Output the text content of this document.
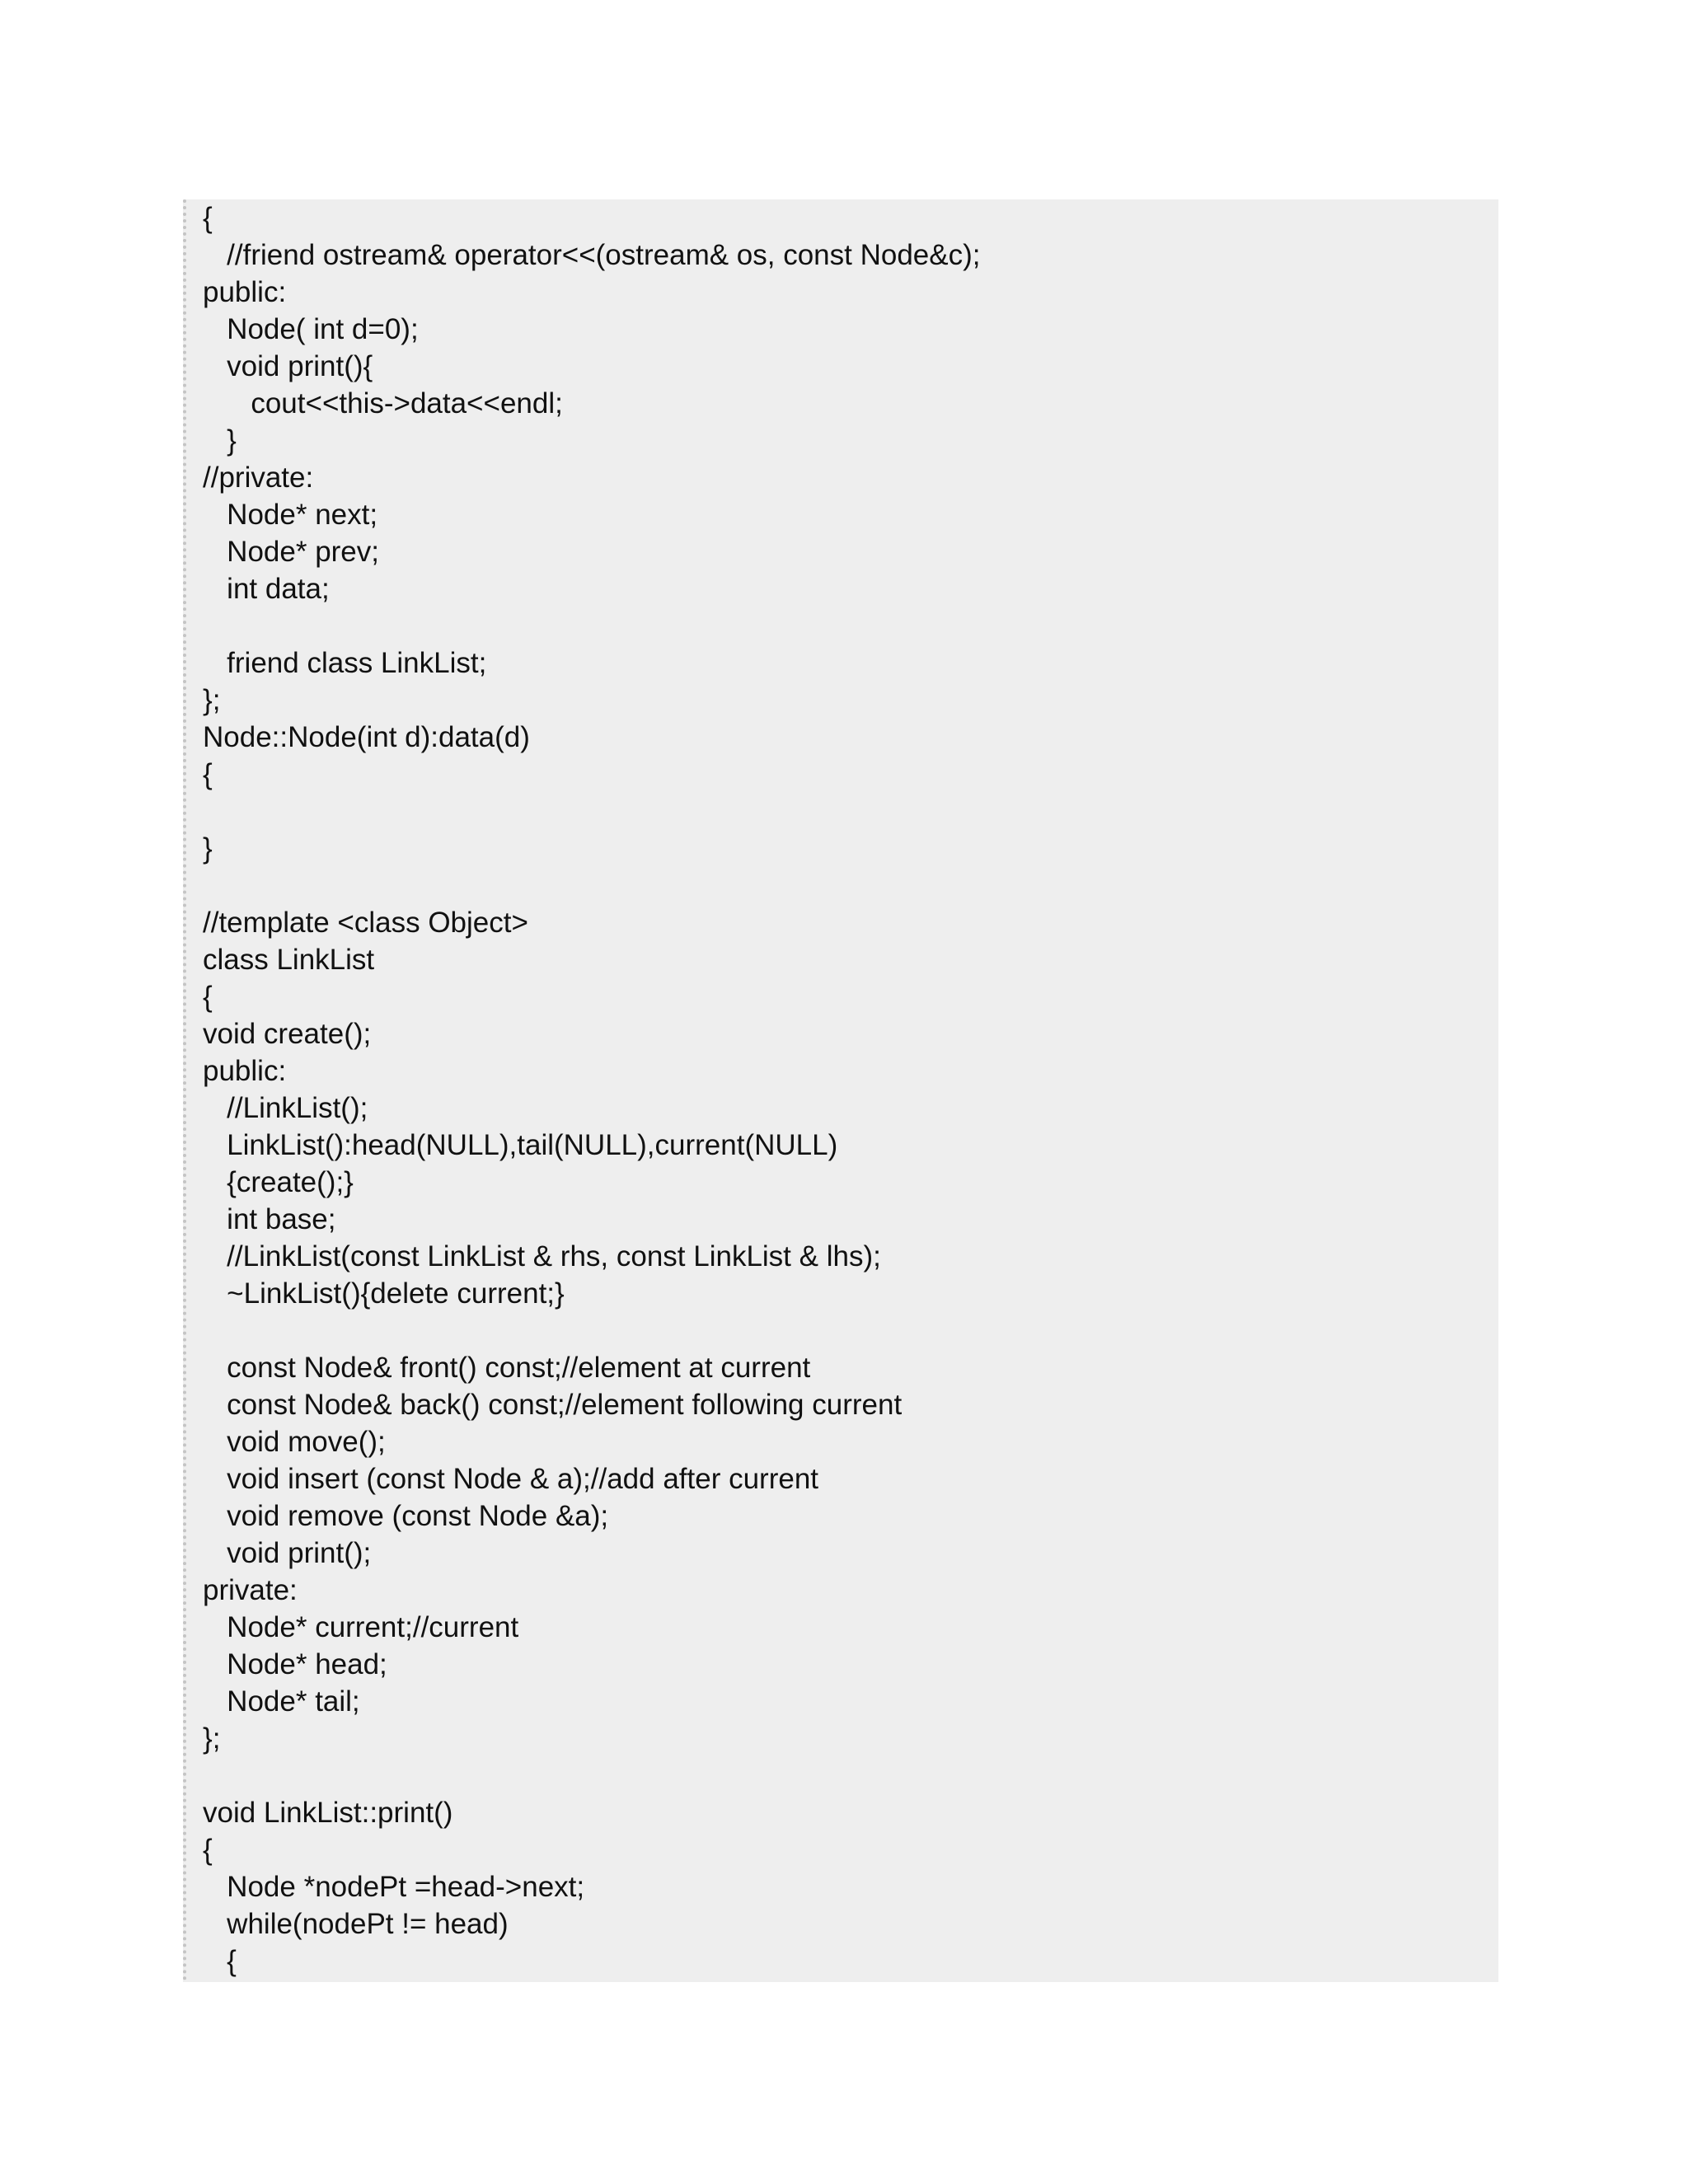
{
//friend ostream& operator<<(ostream& os, const Node&c);
public:
Node( int d=0);
void print(){
cout<<this->data<<endl;
}
//private:
Node* next;
Node* prev;
int data;
friend class LinkList;
};
Node::Node(int d):data(d)
{
}
//template <class Object>
class LinkList
{
void create();
public:
//LinkList();
LinkList():head(NULL),tail(NULL),current(NULL)
{create();}
int base;
//LinkList(const LinkList & rhs, const LinkList & lhs);
~LinkList(){delete current;}
const Node& front() const;//element at current
const Node& back() const;//element following current
void move();
void insert (const Node & a);//add after current
void remove (const Node &a);
void print();
private:
Node* current;//current
Node* head;
Node* tail;
};
void LinkList::print()
{
Node *nodePt =head->next;
while(nodePt != head)
{
